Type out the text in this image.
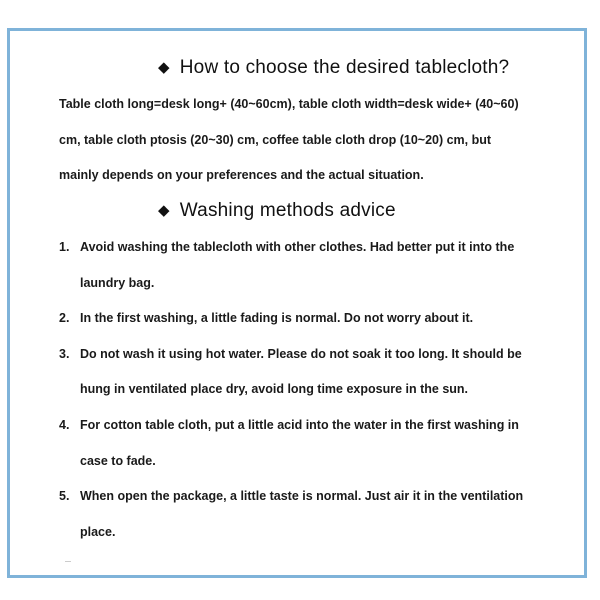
◆ How to choose the desired tablecloth?
Table cloth long=desk long+ (40~60cm), table cloth width=desk wide+ (40~60)
cm, table cloth ptosis (20~30) cm, coffee table cloth drop (10~20) cm, but
mainly depends on your preferences and the actual situation.
◆ Washing methods advice
1. Avoid washing the tablecloth with other clothes. Had better put it into the
laundry bag.
2. In the first washing, a little fading is normal. Do not worry about it.
3. Do not wash it using hot water. Please do not soak it too long. It should be
hung in ventilated place dry, avoid long time exposure in the sun.
4. For cotton table cloth, put a little acid into the water in the first washing in
case to fade.
5. When open the package, a little taste is normal. Just air it in the ventilation
place.
